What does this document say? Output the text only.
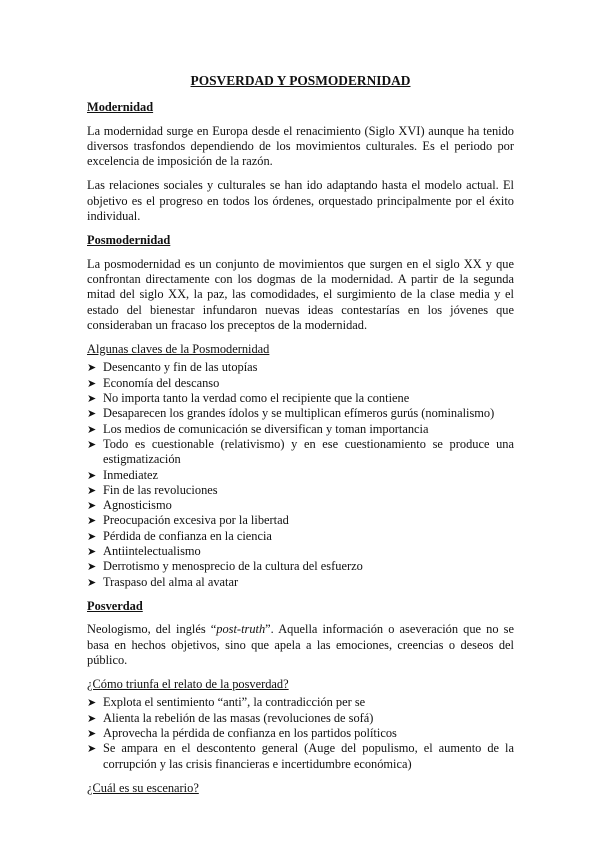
POSVERDAD Y POSMODERNIDAD
Modernidad
La modernidad surge en Europa desde el renacimiento (Siglo XVI) aunque ha tenido diversos trasfondos dependiendo de los movimientos culturales. Es el periodo por excelencia de imposición de la razón.
Las relaciones sociales y culturales se han ido adaptando hasta el modelo actual. El objetivo es el progreso en todos los órdenes, orquestado principalmente por el éxito individual.
Posmodernidad
La posmodernidad es un conjunto de movimientos que surgen en el siglo XX y que confrontan directamente con los dogmas de la modernidad. A partir de la segunda mitad del siglo XX, la paz, las comodidades, el surgimiento de la clase media y el estado del bienestar infundaron nuevas ideas contestarías en los jóvenes que consideraban un fracaso los preceptos de la modernidad.
Algunas claves de la Posmodernidad
➤ Desencanto y fin de las utopías
➤ Economía del descanso
➤ No importa tanto la verdad como el recipiente que la contiene
➤ Desaparecen los grandes ídolos y se multiplican efímeros gurús (nominalismo)
➤ Los medios de comunicación se diversifican y toman importancia
➤ Todo es cuestionable (relativismo) y en ese cuestionamiento se produce una estigmatización
➤ Inmediatez
➤ Fin de las revoluciones
➤ Agnosticismo
➤ Preocupación excesiva por la libertad
➤ Pérdida de confianza en la ciencia
➤ Antiintelectualismo
➤ Derrotismo y menosprecio de la cultura del esfuerzo
➤ Traspaso del alma al avatar
Posverdad
Neologismo, del inglés “post-truth”. Aquella información o aseveración que no se basa en hechos objetivos, sino que apela a las emociones, creencias o deseos del público.
¿Cómo triunfa el relato de la posverdad?
➤ Explota el sentimiento “anti”, la contradicción per se
➤ Alienta la rebelión de las masas (revoluciones de sofá)
➤ Aprovecha la pérdida de confianza en los partidos políticos
➤ Se ampara en el descontento general (Auge del populismo, el aumento de la corrupción y las crisis financieras e incertidumbre económica)
¿Cuál es su escenario?
